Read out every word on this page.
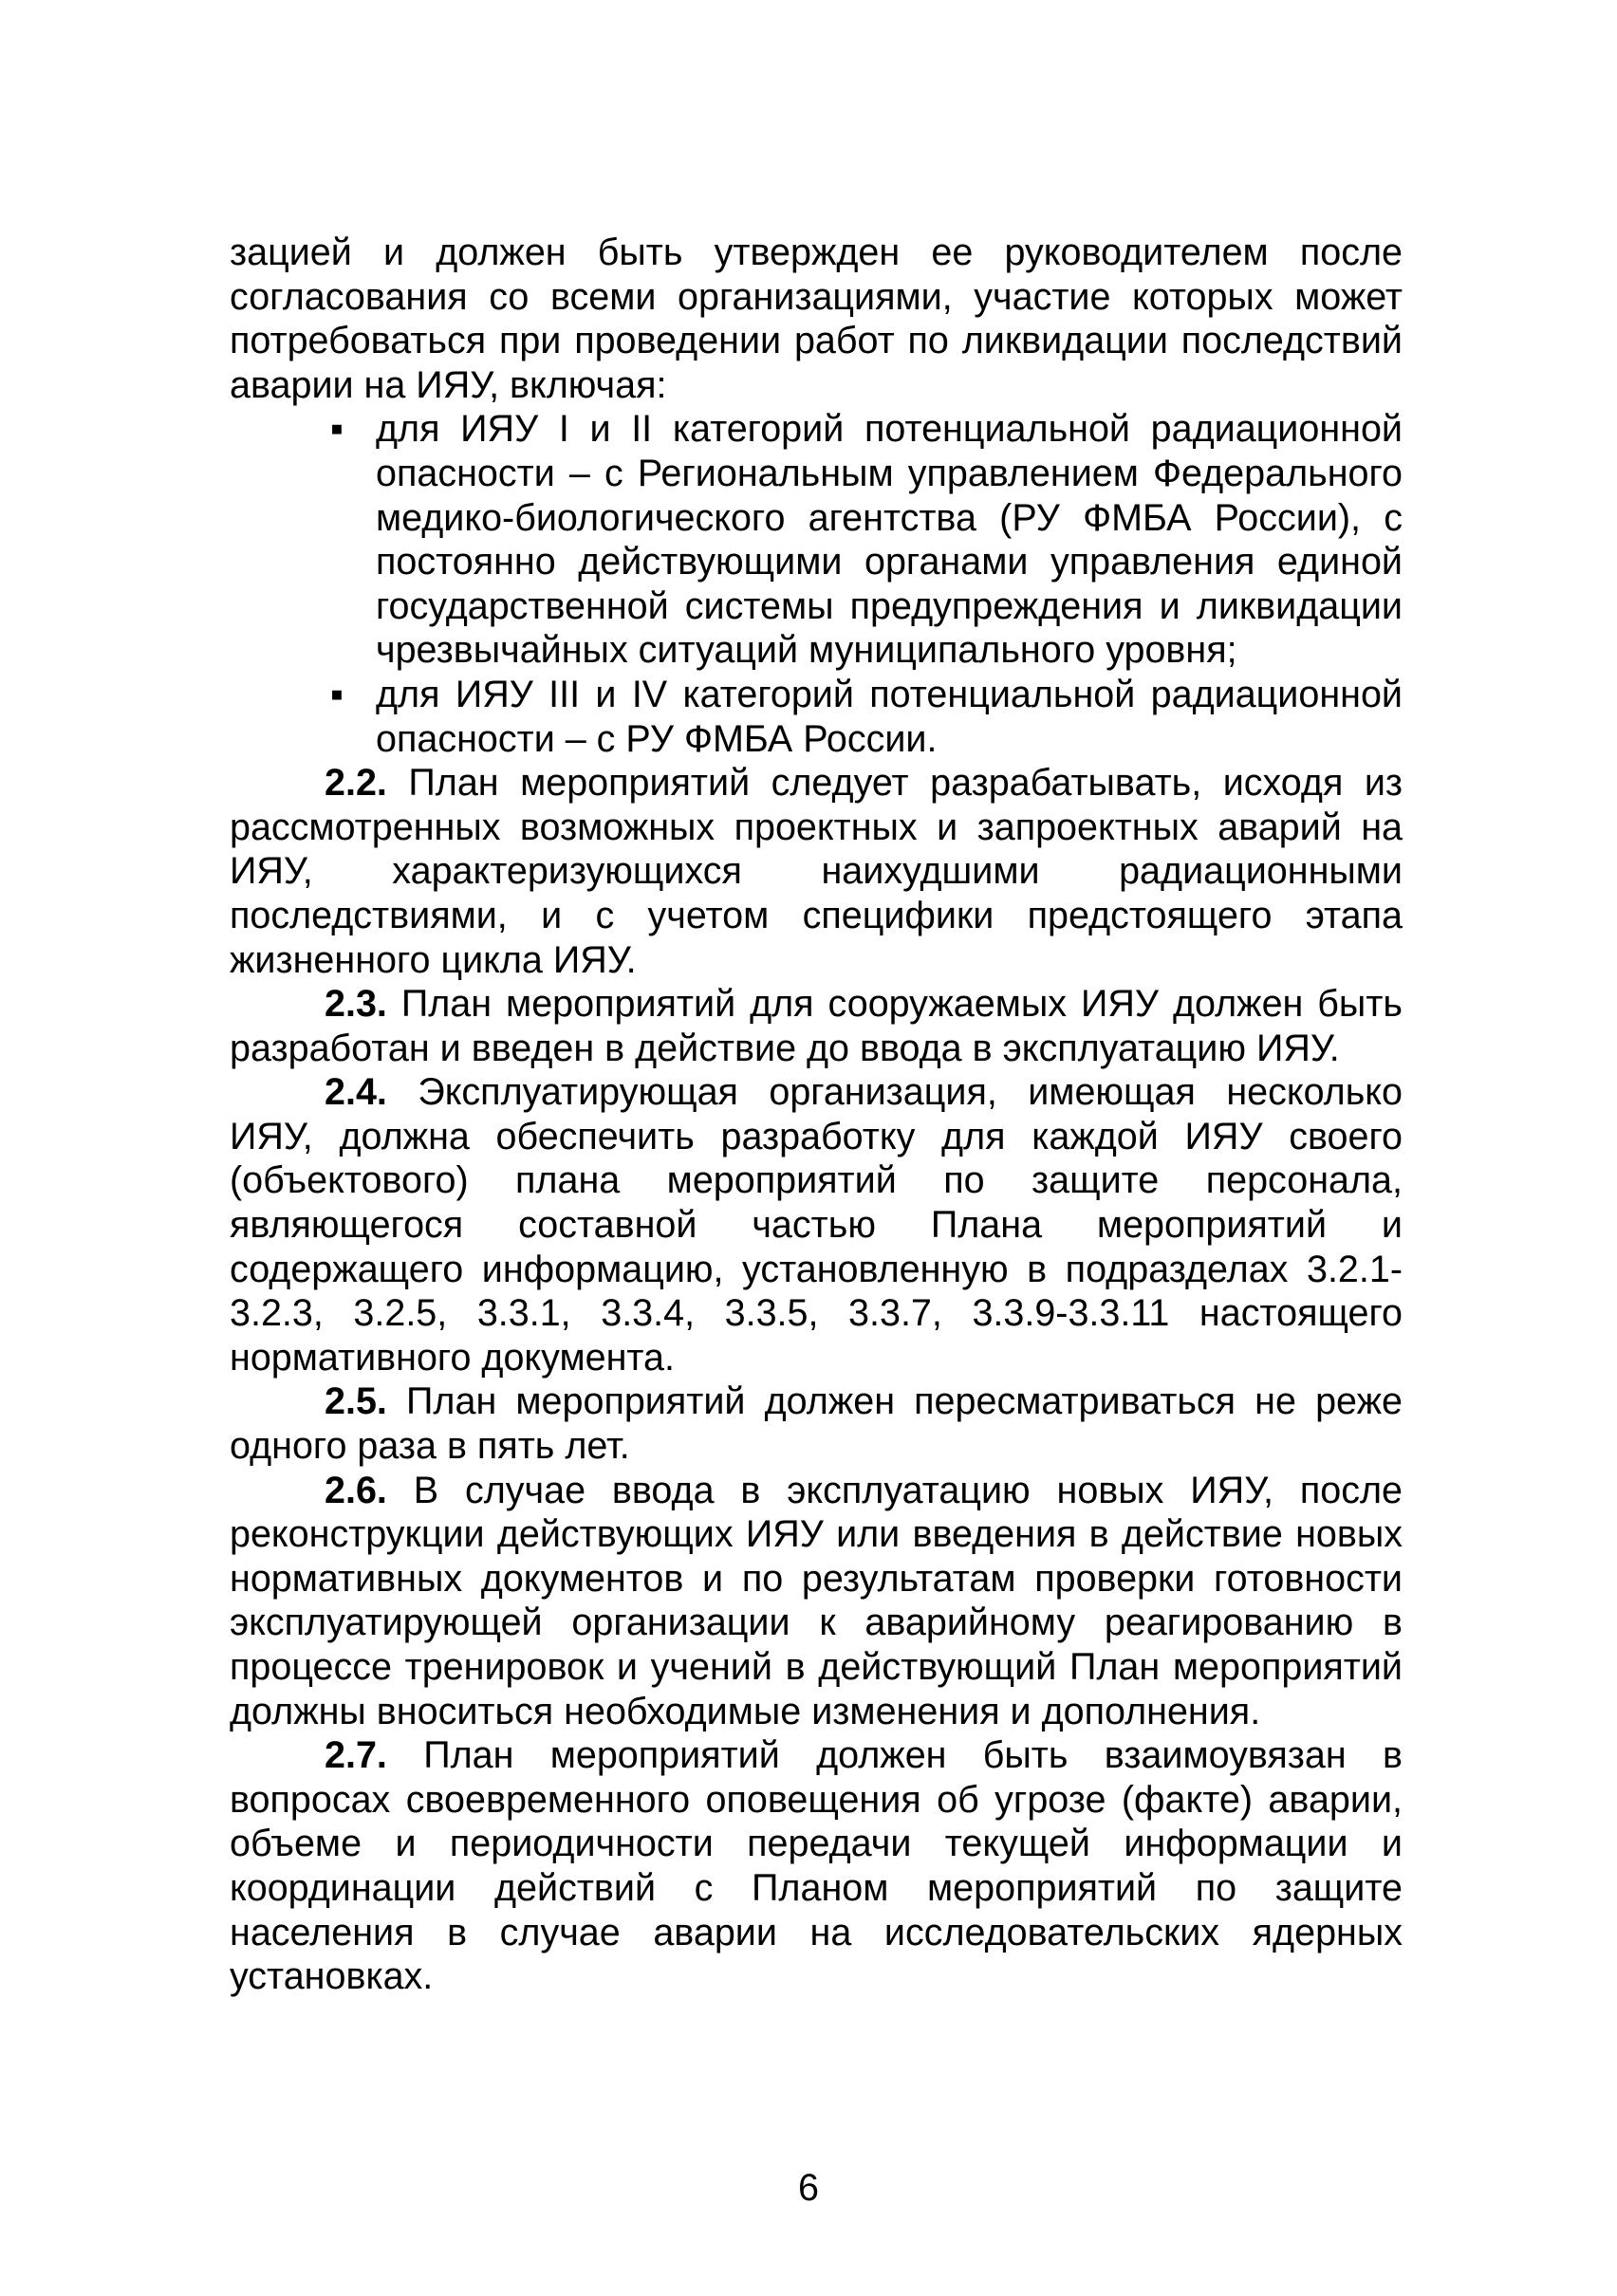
зацией и должен быть утвержден ее руководителем после согласования со всеми организациями, участие которых может потребоваться при проведении работ по ликвидации последствий аварии на ИЯУ, включая:

▪ для ИЯУ I и II категорий потенциальной радиационной опасности – с Региональным управлением Федерального медико-биологического агентства (РУ ФМБА России), с постоянно действующими органами управления единой государственной системы предупреждения и ликвидации чрезвычайных ситуаций муниципального уровня;
▪ для ИЯУ III и IV категорий потенциальной радиационной опасности – с РУ ФМБА России.

2.2. План мероприятий следует разрабатывать, исходя из рассмотренных возможных проектных и запроектных аварий на ИЯУ, характеризующихся наихудшими радиационными последствиями, и с учетом специфики предстоящего этапа жизненного цикла ИЯУ.

2.3. План мероприятий для сооружаемых ИЯУ должен быть разработан и введен в действие до ввода в эксплуатацию ИЯУ.

2.4. Эксплуатирующая организация, имеющая несколько ИЯУ, должна обеспечить разработку для каждой ИЯУ своего (объектового) плана мероприятий по защите персонала, являющегося составной частью Плана мероприятий и содержащего информацию, установленную в подразделах 3.2.1-3.2.3, 3.2.5, 3.3.1, 3.3.4, 3.3.5, 3.3.7, 3.3.9-3.3.11 настоящего нормативного документа.

2.5. План мероприятий должен пересматриваться не реже одного раза в пять лет.

2.6. В случае ввода в эксплуатацию новых ИЯУ, после реконструкции действующих ИЯУ или введения в действие новых нормативных документов и по результатам проверки готовности эксплуатирующей организации к аварийному реагированию в процессе тренировок и учений в действующий План мероприятий должны вноситься необходимые изменения и дополнения.

2.7. План мероприятий должен быть взаимоувязан в вопросах своевременного оповещения об угрозе (факте) аварии, объеме и периодичности передачи текущей информации и координации действий с Планом мероприятий по защите населения в случае аварии на исследовательских ядерных установках.

6
